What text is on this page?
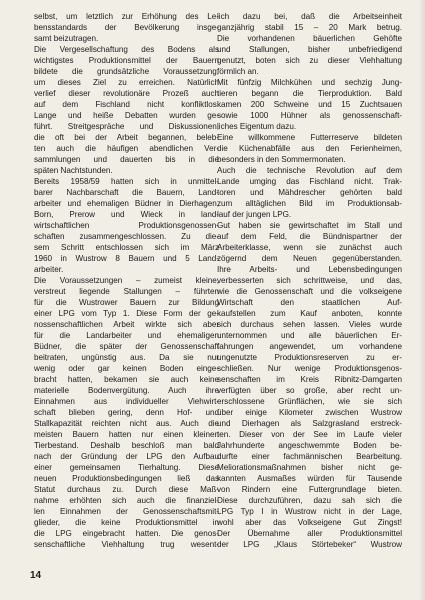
selbst, um letztlich zur Erhöhung des Le-
bensstandards der Bevölkerung insge-
samt beizutragen.
Die Vergesellschaftung des Bodens als
wichtigstes Produktionsmittel der Bauern
bildete die grundsätzliche Voraussetzung,
um dieses Ziel zu erreichen. Natürlich
verlief dieser revolutionäre Prozeß auch
auf dem Fischland nicht konfliktlos.
Lange und heiße Debatten wurden ge-
führt. Streitgespräche und Diskussionen,
die oft bei der Arbeit begannen, beleb-
ten auch die häufigen abendlichen Ver-
sammlungen und dauerten bis in die
späten Nachtstunden.
Bereits 1958/59 hatten sich in unmittel-
barer Nachbarschaft die Bauern, Land-
arbeiter und ehemaligen Büdner in Dierhagen,
Born, Prerow und Wieck in land-
wirtschaftlichen Produktionsgenossen-
schaften zusammengeschlossen. Zu die-
sem Schritt entschlossen sich im März
1960 in Wustrow 8 Bauern und 5 Land-
arbeiter.
Die Voraussetzungen – zumeist kleine,
verstreut liegende Stallungen – führten
für die Wustrower Bauern zur Bildung
einer LPG vom Typ 1. Diese Form der ge-
nossenschaftlichen Arbeit wirkte sich aber
für die Landarbeiter und ehemaligen
Büdner, die später der Genossenschaft
beitraten, ungünstig aus. Da sie nur
wenig oder gar keinen Boden einge-
bracht hatten, bekamen sie auch keine
materielle Bodenvergütung. Auch ihre
Einnahmen aus individueller Viehwirt-
schaft blieben gering, denn Hof- und
Stallkapazität reichten nicht aus. Auch die
meisten Bauern hatten nur einen kleinen
Tierbestand. Deshalb beschloß man bald
nach der Gründung der LPG den Aufbau
einer gemeinsamen Tierhaltung. Diese
neuen Produktionsbedingungen ließ das
Statut durchaus zu. Durch diese Maß-
nahme erhöhten sich auch die finanziel-
len Einnahmen der Genossenschaftsmit-
glieder, die keine Produktionsmittel in
die LPG eingebracht hatten. Die genos-
senschaftliche Viehhaltung trug wesent-
lich dazu bei, daß die Arbeitseinheit
ganzjährig stabil 15 – 20 Mark betrug.
Die vorhandenen bäuerlichen Gehöfte
und Stallungen, bisher unbefriedigend
genutzt, boten sich zu dieser Viehhaltung
förmlich an.
Mit fünfzig Milchkühen und sechzig Jung-
tieren begann die Tierproduktion. Bald
kamen 200 Schweine und 15 Zuchtsauen
sowie 1000 Hühner als genossenschaft-
liches Eigentum dazu.
Eine willkommene Futterreserve bildeten
die Küchenabfälle aus den Ferienheimen,
besonders in den Sommermonaten.
Auch die technische Revolution auf dem
Lande umging das Fischland nicht. Trak-
toren und Mähdrescher gehörten bald
zum alltäglichen Bild im Produktionsab-
lauf der jungen LPG.
Gut haben sie gewirtschaftet im Stall und
auf dem Feld, die Bündnispartner der
Arbeiterklasse, wenn sie zunächst auch
zögernd dem Neuen gegenüberstanden.
Ihre Arbeits- und Lebensbedingungen
verbesserten sich schrittweise, und das,
wie die Genossenschaft und die volkseigene
Wirtschaft den staatlichen Auf-
kaufstellen zum Kauf anboten, konnte
sich durchaus sehen lassen. Vieles wurde
unternommen und alle bäuerlichen Er-
fahrungen angewendet, um vorhandene
ungenutzte Produktionsreserven zu er-
schließen. Nur wenige Produktionsgenos-
senschaften im Kreis Ribnitz-Damgarten
verfügten über so große, aber recht un-
erschlossene Grünflächen, wie sie sich
über einige Kilometer zwischen Wustrow
und Dierhagen als Salzgrasland erstreck-
ten. Dieser von der See im Laufe vieler
Jahrhunderte angeschwemmte Boden be-
durfte einer fachmännischen Bearbeitung.
Meliorationsmaßnahmen bisher nicht ge-
kannten Ausmaßes würden für Tausende
von Rindern eine Futtergrundlage bieten.
Diese durchzuführen, dazu sah sich die
LPG Typ I in Wustrow nicht in der Lage,
wohl aber das Volkseigene Gut Zingst!
Der Übernahme aller Produktionsmittel
der LPG „Klaus Störtebeker“ Wustrow
14
